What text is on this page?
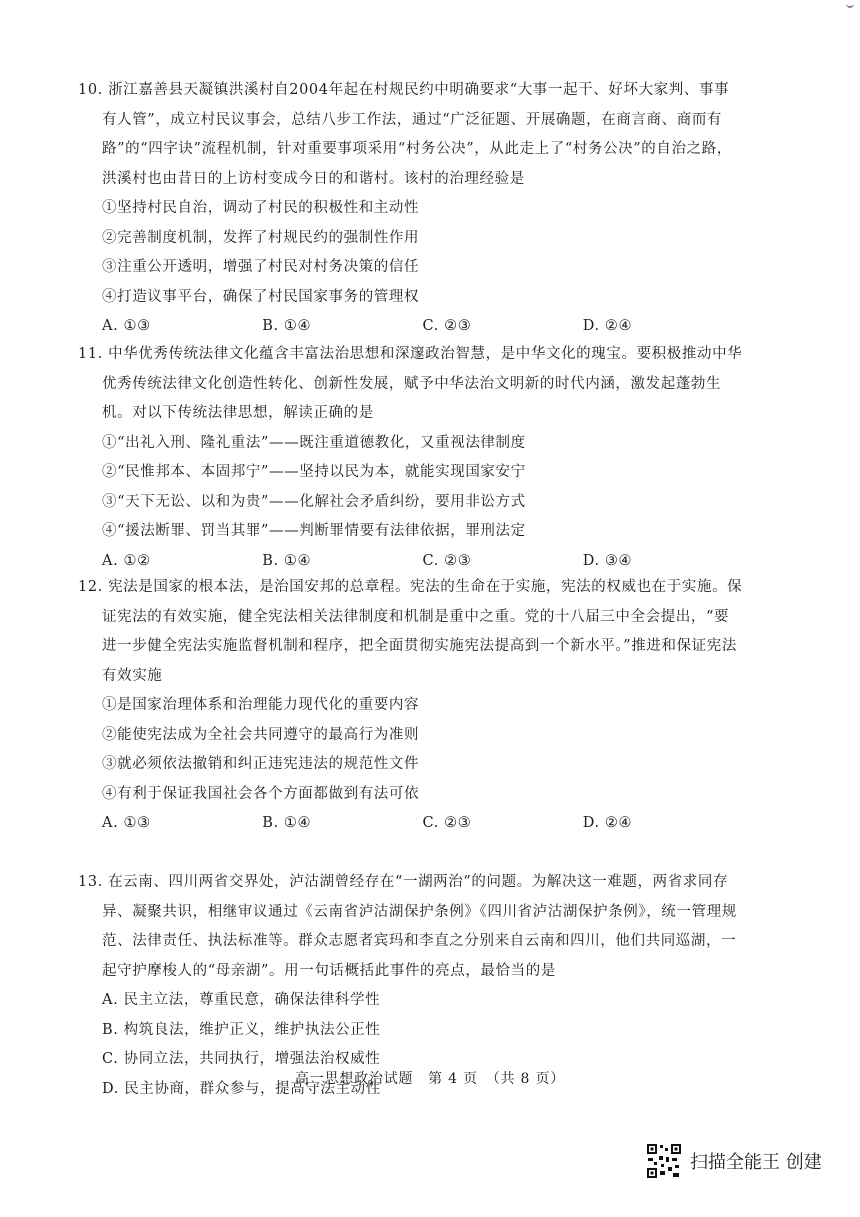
10. 浙江嘉善县天凝镇洪溪村自2004年起在村规民约中明确要求“大事一起干、好坏大家判、事事有人管”，成立村民议事会，总结八步工作法，通过“广泛征题、开展确题，在商言商、商而有路”的“四字诀”流程机制，针对重要事项采用“村务公决”，从此走上了“村务公决”的自治之路，洪溪村也由昔日的上访村变成今日的和谐村。该村的治理经验是

①坚持村民自治，调动了村民的积极性和主动性

②完善制度机制，发挥了村规民约的强制性作用

③注重公开透明，增强了村民对村务决策的信任

④打造议事平台，确保了村民国家事务的管理权

A. ①③	B. ①④	C. ②③	D. ②④

11. 中华优秀传统法律文化蕴含丰富法治思想和深邃政治智慧，是中华文化的瑰宝。要积极推动中华优秀传统法律文化创造性转化、创新性发展，赋予中华法治文明新的时代内涵，激发起蓬勃生机。对以下传统法律思想，解读正确的是

①“出礼入刑、隆礼重法”——既注重道德教化，又重视法律制度

②“民惟邦本、本固邦宁”——坚持以民为本，就能实现国家安宁

③“天下无讼、以和为贵”——化解社会矛盾纠纷，要用非讼方式

④“援法断罪、罚当其罪”——判断罪情要有法律依据，罪刑法定

A. ①②	B. ①④	C. ②③	D. ③④

12. 宪法是国家的根本法，是治国安邦的总章程。宪法的生命在于实施，宪法的权威也在于实施。保证宪法的有效实施，健全宪法相关法律制度和机制是重中之重。党的十八届三中全会提出，“要进一步健全宪法实施监督机制和程序，把全面贯彻实施宪法提高到一个新水平。”推进和保证宪法有效实施

①是国家治理体系和治理能力现代化的重要内容

②能使宪法成为全社会共同遵守的最高行为准则

③就必须依法撤销和纠正违宪违法的规范性文件

④有利于保证我国社会各个方面都做到有法可依

A. ①③	B. ①④	C. ②③	D. ②④

13. 在云南、四川两省交界处，泸沽湖曾经存在“一湖两治”的问题。为解决这一难题，两省求同存异、凝聚共识，相继审议通过《云南省泸沽湖保护条例》《四川省泸沽湖保护条例》，统一管理规范、法律责任、执法标准等。群众志愿者宾玛和李直之分别来自云南和四川，他们共同巡湖，一起守护摩梭人的“母亲湖”。用一句话概括此事件的亮点，最恰当的是

A. 民主立法，尊重民意，确保法律科学性

B. 构筑良法，维护正义，维护执法公正性

C. 协同立法，共同执行，增强法治权威性

D. 民主协商，群众参与，提高守法主动性

高一思想政治试题　第 4 页　（共 8 页）
扫描全能王 创建
